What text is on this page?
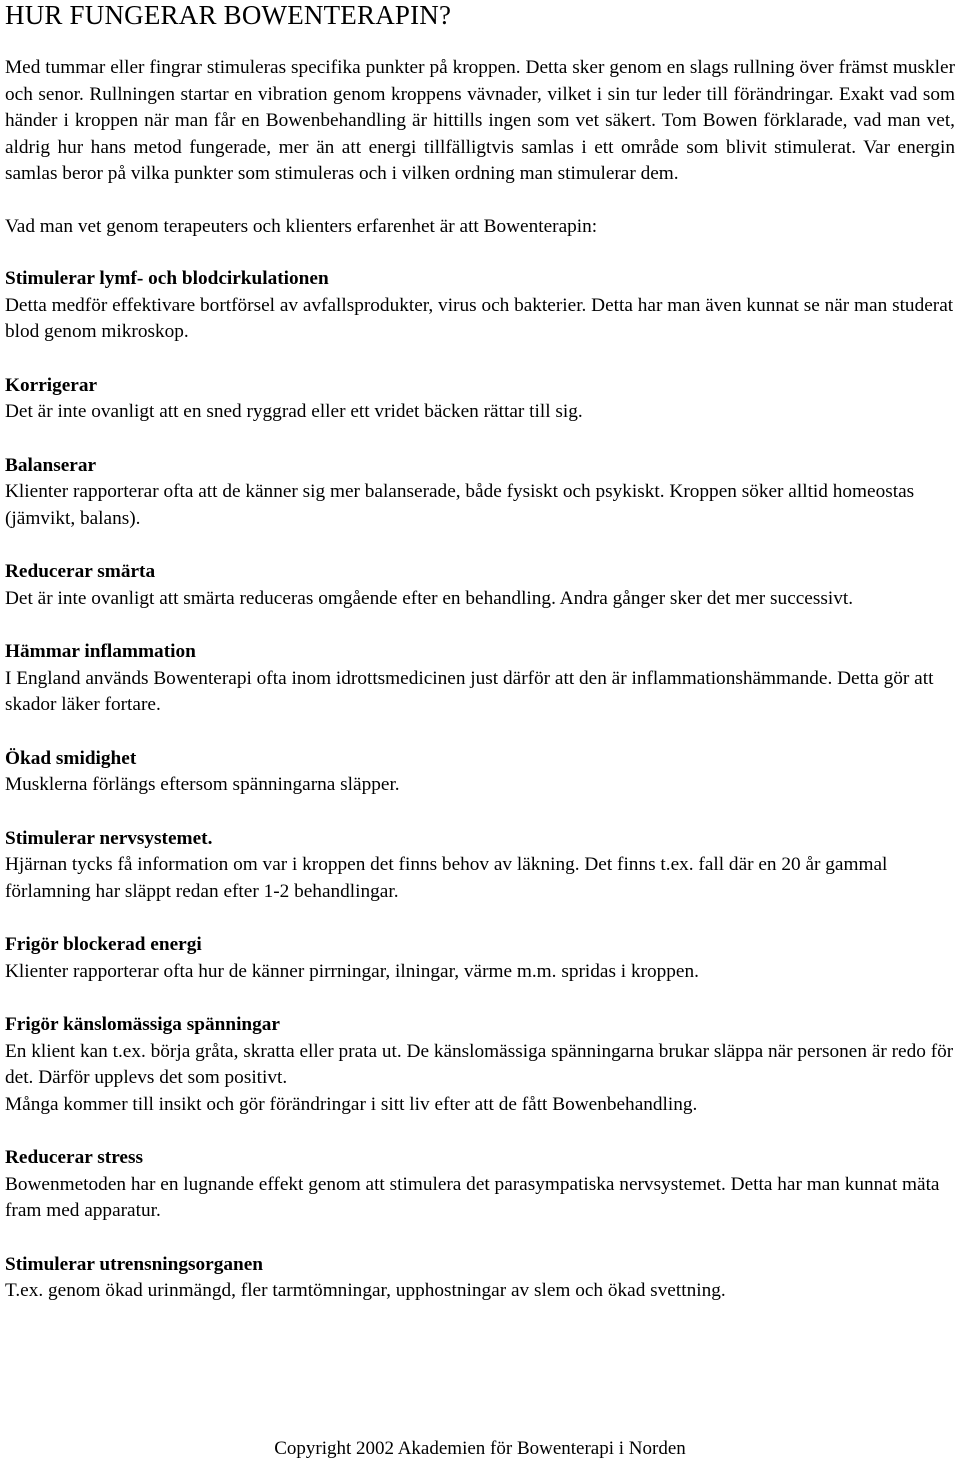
HUR FUNGERAR BOWENTERAPIN?

Med tummar eller fingrar stimuleras specifika punkter på kroppen. Detta sker genom en slags rullning över främst muskler och senor. Rullningen startar en vibration genom kroppens vävnader, vilket i sin tur leder till förändringar. Exakt vad som händer i kroppen när man får en Bowenbehandling är hittills ingen som vet säkert. Tom Bowen förklarade, vad man vet, aldrig hur hans metod fungerade, mer än att energi tillfälligtvis samlas i ett område som blivit stimulerat. Var energin samlas beror på vilka punkter som stimuleras och i vilken ordning man stimulerar dem.

Vad man vet genom terapeuters och klienters erfarenhet är att Bowenterapin:

Stimulerar lymf- och blodcirkulationen

Detta medför effektivare bortförsel av avfallsprodukter, virus och bakterier. Detta har man även kunnat se när man studerat blod genom mikroskop.

Korrigerar

Det är inte ovanligt att en sned ryggrad eller ett vridet bäcken rättar till sig.

Balanserar

Klienter rapporterar ofta att de känner sig mer balanserade, både fysiskt och psykiskt. Kroppen söker alltid homeostas (jämvikt, balans).

Reducerar smärta

Det är inte ovanligt att smärta reduceras omgående efter en behandling. Andra gånger sker det mer successivt.

Hämmar inflammation

I England används Bowenterapi ofta inom idrottsmedicinen just därför att den är inflammationshämmande. Detta gör att skador läker fortare.

Ökad smidighet

Musklerna förlängs eftersom spänningarna släpper.

Stimulerar nervsystemet.

Hjärnan tycks få information om var i kroppen det finns behov av läkning. Det finns t.ex. fall där en 20 år gammal förlamning har släppt redan efter 1-2 behandlingar.

Frigör blockerad energi

Klienter rapporterar ofta hur de känner pirrningar, ilningar, värme m.m. spridas i kroppen.

Frigör känslomässiga spänningar

En klient kan t.ex. börja gråta, skratta eller prata ut. De känslomässiga spänningarna brukar släppa när personen är redo för det. Därför upplevs det som positivt.

Många kommer till insikt och gör förändringar i sitt liv efter att de fått Bowenbehandling.

Reducerar stress

Bowenmetoden har en lugnande effekt genom att stimulera det parasympatiska nervsystemet. Detta har man kunnat mäta fram med apparatur.

Stimulerar utrensningsorganen

T.ex. genom ökad urinmängd, fler tarmtömningar, upphostningar av slem och ökad svettning.

Copyright 2002 Akademien för Bowenterapi i Norden
